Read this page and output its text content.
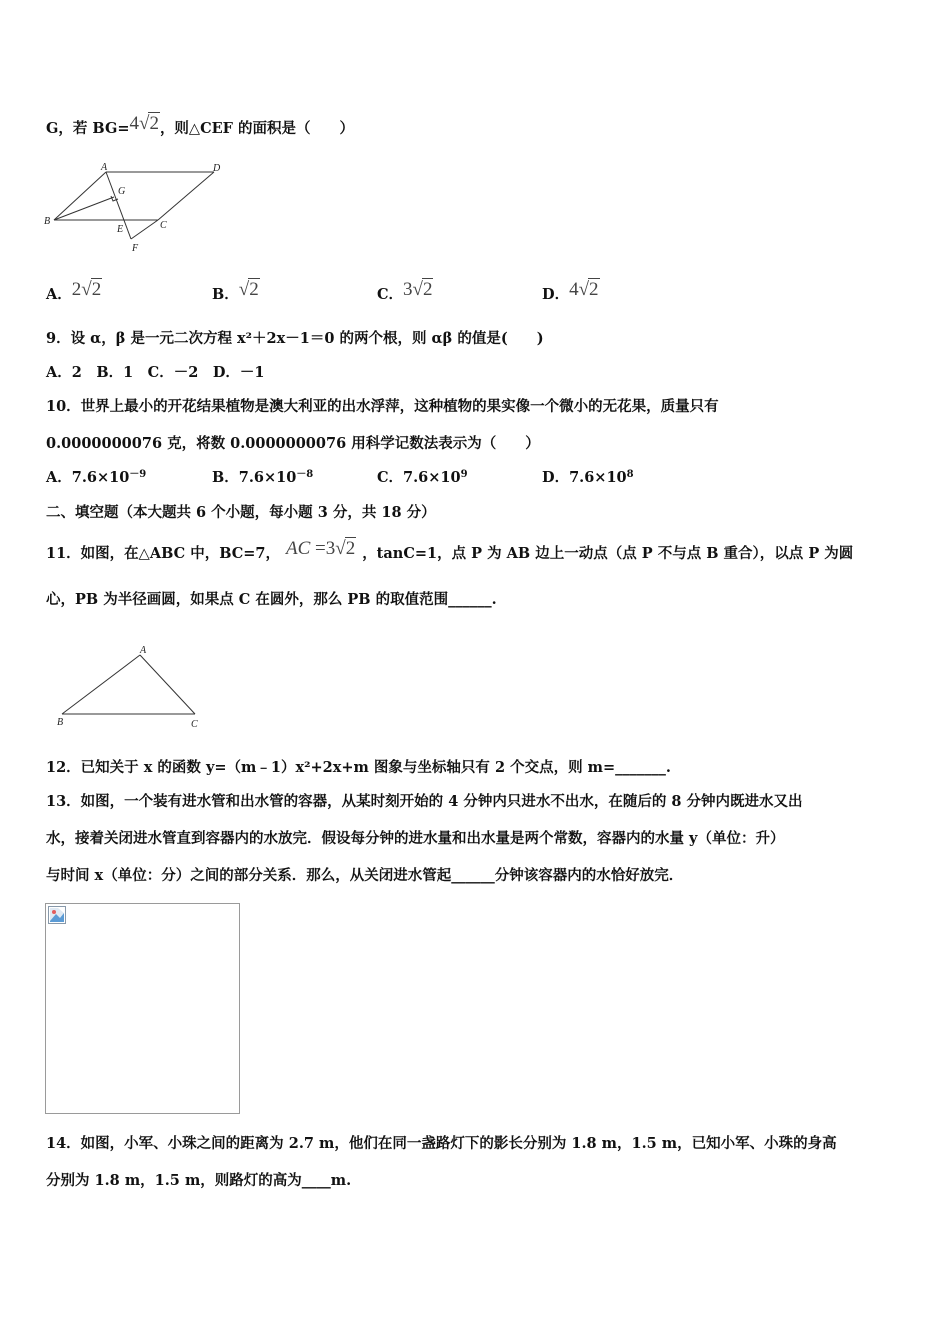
G，若 BG=4√2，则△CEF 的面积是（　　）
A	D
G
B
E	C
F
A．2√2	B．√2	C．3√2	D．4√2
9．设 α，β 是一元二次方程 x²＋2x－1＝0 的两个根，则 αβ 的值是(　　)
A．2　B．1　C．－2　D．－1
10．世界上最小的开花结果植物是澳大利亚的出水浮萍，这种植物的果实像一个微小的无花果，质量只有
0.0000000076 克，将数 0.0000000076 用科学记数法表示为（　　）
A．$7.6\times 10^{-9}$	B．$7.6\times 10^{-8}$	C．$7.6\times 10^9$	D．$7.6\times 10^8$
二、填空题（本大题共 6 个小题，每小题 3 分，共 18 分）
11．如图，在△ABC 中，BC=7， AC =3√2 ，tanC=1，点 P 为 AB 边上一动点（点 P 不与点 B 重合），以点 P 为圆
心，PB 为半径画圆，如果点 C 在圆外，那么 PB 的取值范围______.
A
B	C
12．已知关于 x 的函数 y=（m﹣1）x²+2x+m 图象与坐标轴只有 2 个交点，则 m=_______.
13．如图，一个装有进水管和出水管的容器，从某时刻开始的 4 分钟内只进水不出水，在随后的 8 分钟内既进水又出
水，接着关闭进水管直到容器内的水放完．假设每分钟的进水量和出水量是两个常数，容器内的水量 y（单位：升）
与时间 x（单位：分）之间的部分关系．那么，从关闭进水管起______分钟该容器内的水恰好放完．
14．如图，小军、小珠之间的距离为 2.7 m，他们在同一盏路灯下的影长分别为 1.8 m，1.5 m，已知小军、小珠的身高
分别为 1.8 m，1.5 m，则路灯的高为____m.
